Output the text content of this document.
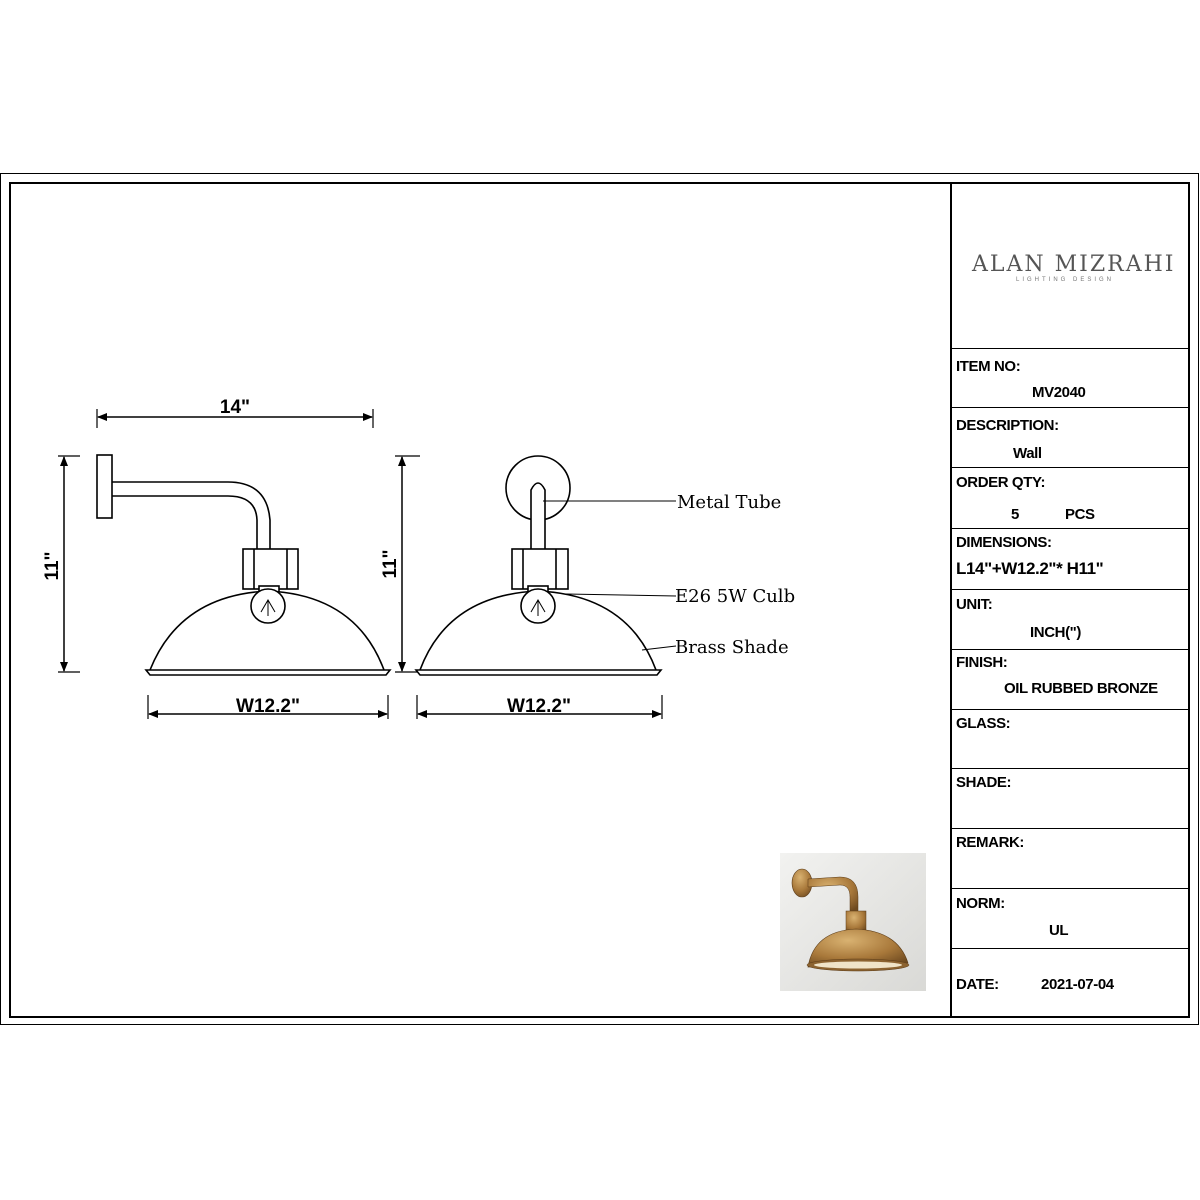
14"
11"
W12.2"
11"
W12.2"
Metal Tube
E26 5W Culb
Brass Shade
ALAN MIZRAHI
LIGHTING DESIGN
ITEM NO:
MV2040
DESCRIPTION:
Wall
ORDER QTY:
5	PCS
DIMENSIONS:
L14"+W12.2"* H11"
UNIT:
INCH(")
FINISH:
OIL RUBBED BRONZE
GLASS:
SHADE:
REMARK:
NORM:
UL
DATE:	2021-07-04
